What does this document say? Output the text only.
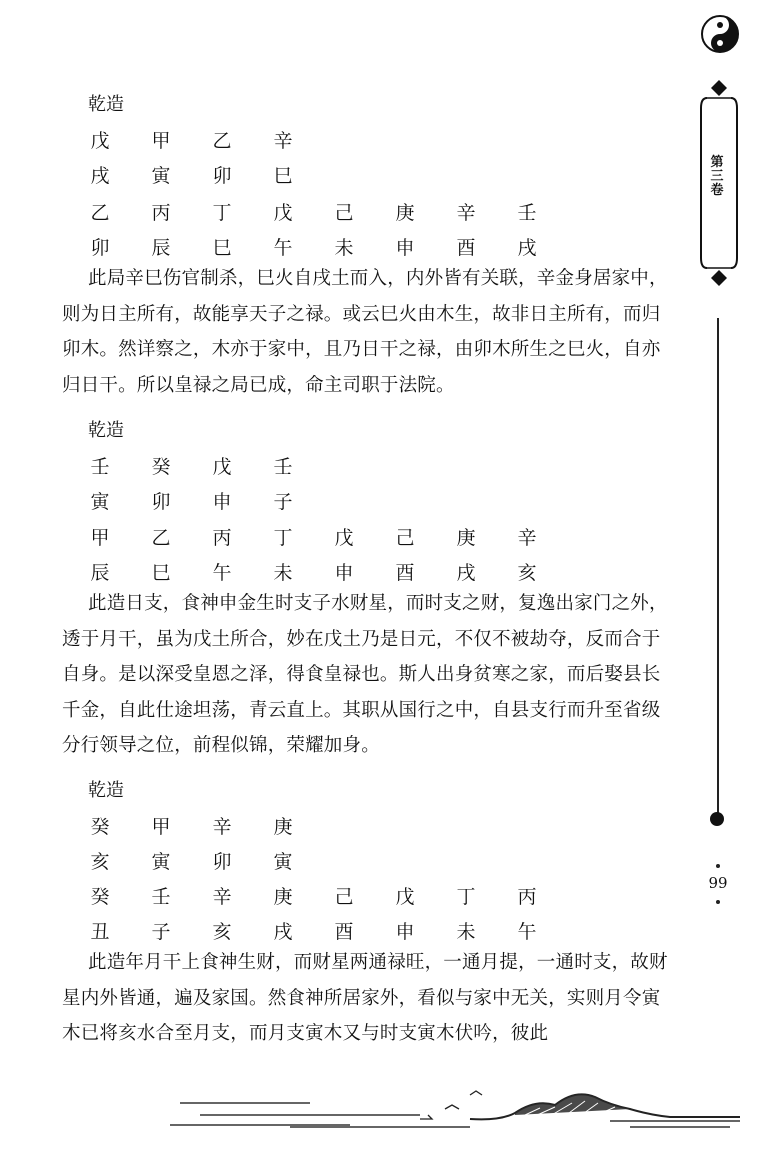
第三卷
99
乾造
戊 甲 乙 辛
戌 寅 卯 巳
乙 丙 丁 戊 己 庚 辛 壬
卯 辰 巳 午 未 申 酉 戌
此局辛巳伤官制杀，巳火自戌土而入，内外皆有关联，辛金身居家中，则为日主所有，故能享天子之禄。或云巳火由木生，故非日主所有，而归卯木。然详察之，木亦于家中，且乃日干之禄，由卯木所生之巳火，自亦归日干。所以皇禄之局已成，命主司职于法院。
乾造
壬 癸 戊 壬
寅 卯 申 子
甲 乙 丙 丁 戊 己 庚 辛
辰 巳 午 未 申 酉 戌 亥
此造日支，食神申金生时支子水财星，而时支之财，复逸出家门之外，透于月干，虽为戊土所合，妙在戊土乃是日元，不仅不被劫夺，反而合于自身。是以深受皇恩之泽，得食皇禄也。斯人出身贫寒之家，而后娶县长千金，自此仕途坦荡，青云直上。其职从国行之中，自县支行而升至省级分行领导之位，前程似锦，荣耀加身。
乾造
癸 甲 辛 庚
亥 寅 卯 寅
癸 壬 辛 庚 己 戊 丁 丙
丑 子 亥 戌 酉 申 未 午
此造年月干上食神生财，而财星两通禄旺，一通月提，一通时支，故财星内外皆通，遍及家国。然食神所居家外，看似与家中无关，实则月令寅木已将亥水合至月支，而月支寅木又与时支寅木伏吟，彼此
